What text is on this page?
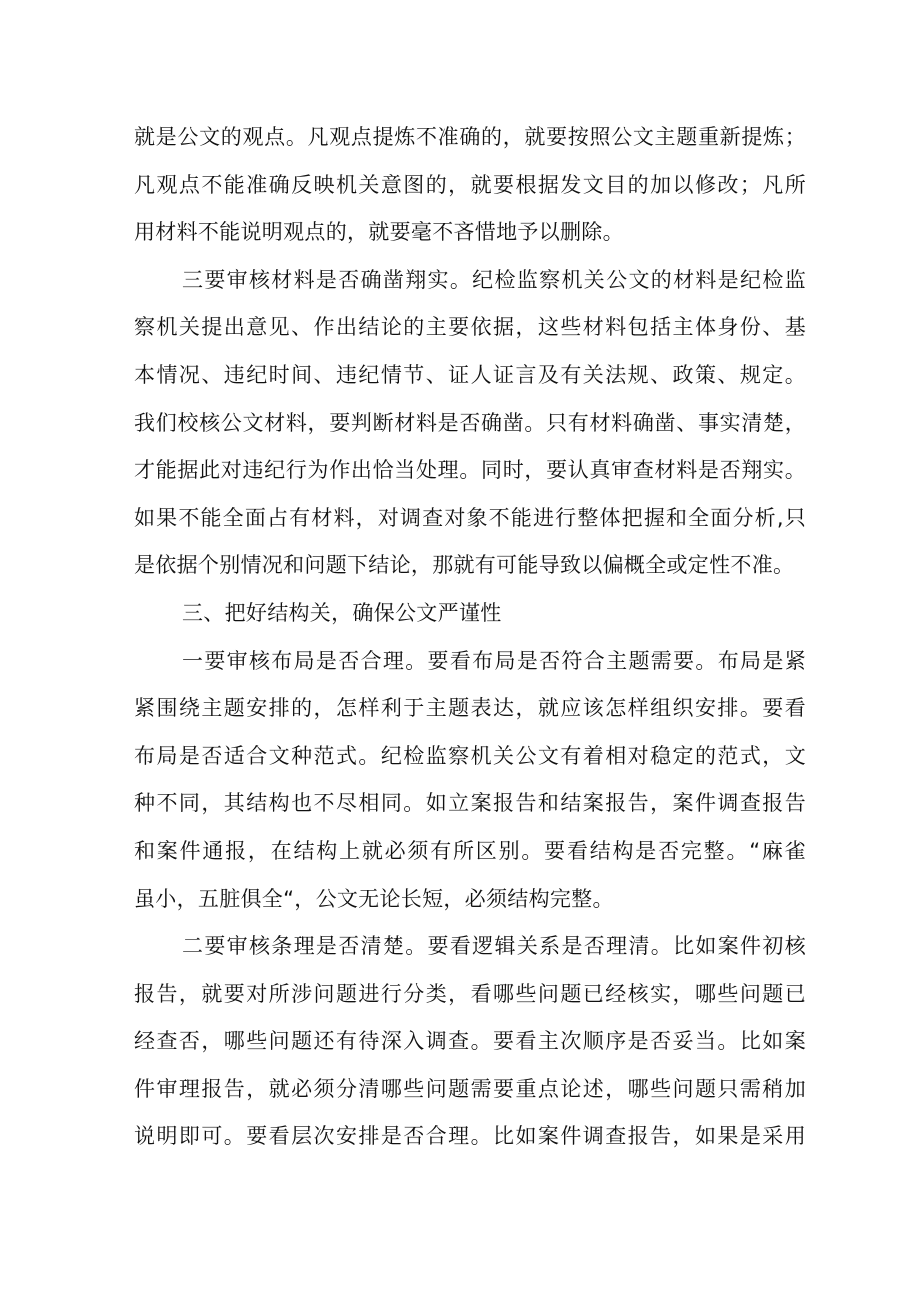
就是公文的观点。凡观点提炼不准确的，就要按照公文主题重新提炼；
凡观点不能准确反映机关意图的，就要根据发文目的加以修改；凡所
用材料不能说明观点的，就要毫不吝惜地予以删除。

三要审核材料是否确凿翔实。纪检监察机关公文的材料是纪检监
察机关提出意见、作出结论的主要依据，这些材料包括主体身份、基
本情况、违纪时间、违纪情节、证人证言及有关法规、政策、规定。
我们校核公文材料，要判断材料是否确凿。只有材料确凿、事实清楚，
才能据此对违纪行为作出恰当处理。同时，要认真审查材料是否翔实。
如果不能全面占有材料，对调查对象不能进行整体把握和全面分析,只
是依据个别情况和问题下结论，那就有可能导致以偏概全或定性不准。

三、把好结构关，确保公文严谨性

一要审核布局是否合理。要看布局是否符合主题需要。布局是紧
紧围绕主题安排的，怎样利于主题表达，就应该怎样组织安排。要看
布局是否适合文种范式。纪检监察机关公文有着相对稳定的范式，文
种不同，其结构也不尽相同。如立案报告和结案报告，案件调查报告
和案件通报，在结构上就必须有所区别。要看结构是否完整。“麻雀
虽小，五脏俱全“，公文无论长短，必须结构完整。

二要审核条理是否清楚。要看逻辑关系是否理清。比如案件初核
报告，就要对所涉问题进行分类，看哪些问题已经核实，哪些问题已
经查否，哪些问题还有待深入调查。要看主次顺序是否妥当。比如案
件审理报告，就必须分清哪些问题需要重点论述，哪些问题只需稍加
说明即可。要看层次安排是否合理。比如案件调查报告，如果是采用
